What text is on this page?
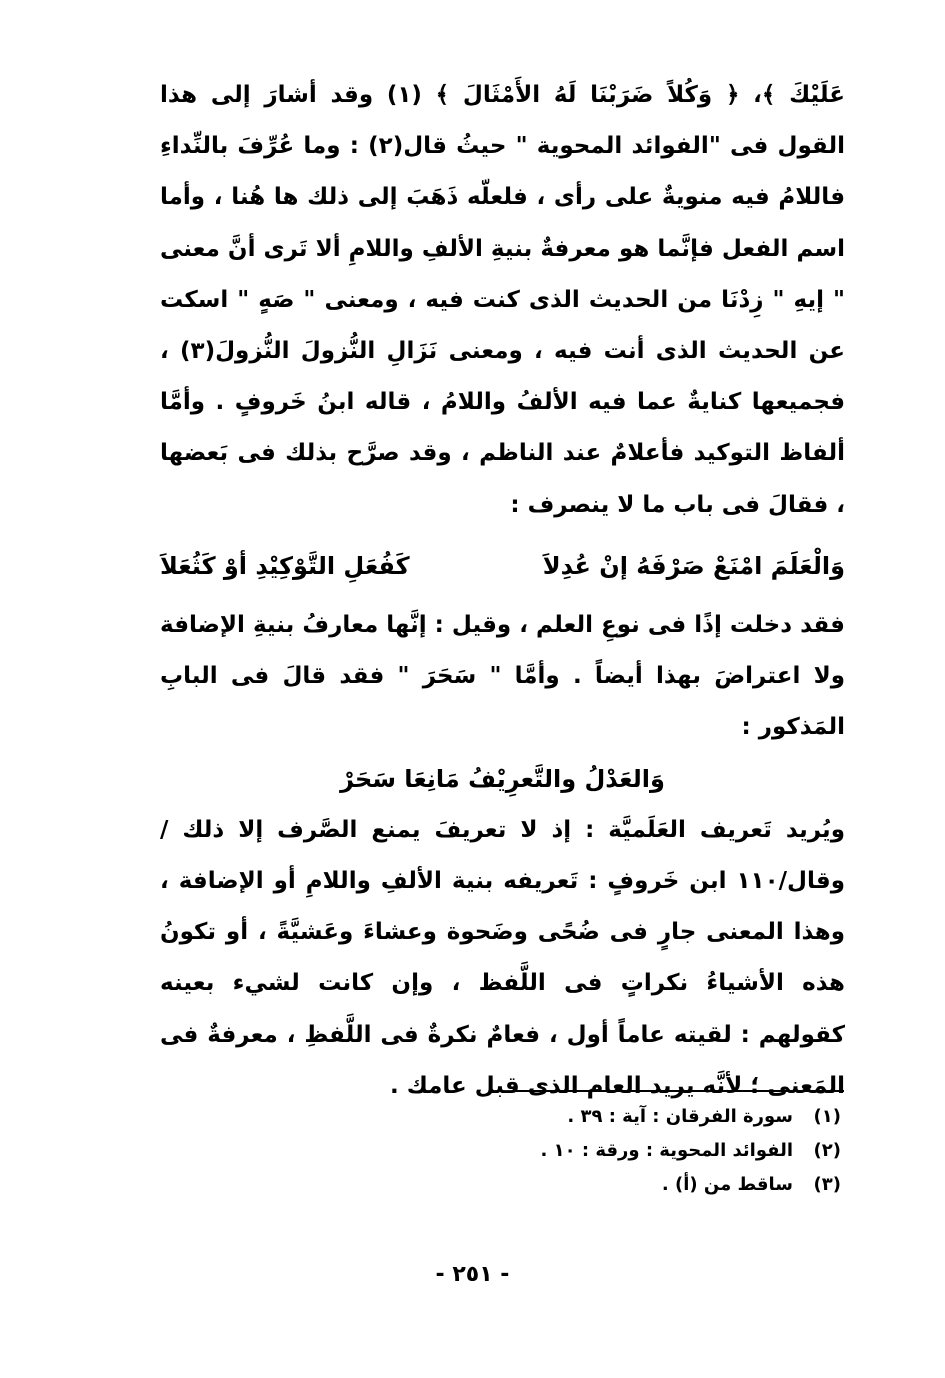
عَلَيْكَ ﴾، ﴿ وَكُلاً ضَرَبْنَا لَهُ الأَمْثَالَ ﴾ (١) وقد أشارَ إلى هذا القول فى "الفوائد المحوية " حيثُ قال(٢) : وما عُرِّفَ بالنِّداءِ فاللامُ فيه منويةٌ على رأى ، فلعلّه ذَهَبَ إلى ذلك ها هُنا ، وأما اسم الفعل فإنَّما هو معرفةٌ بنيةِ الألفِ واللامِ ألا تَرى أنَّ معنى " إيهِ " زِدْنَا من الحديث الذى كنت فيه ، ومعنى " صَهٍ " اسكت عن الحديث الذى أنت فيه ، ومعنى نَزَالِ النُّزولَ النُّزولَ(٣) ، فجميعها كنايةٌ عما فيه الألفُ واللامُ ، قاله ابنُ خَروفٍ . وأمَّا ألفاظ التوكيد فأعلامٌ عند الناظم ، وقد صرَّح بذلك فى بَعضها ، فقالَ فى باب ما لا ينصرف :

وَالْعَلَمَ امْنَعْ صَرْفَهُ إنْ عُدِلاَ
كَفُعَلِ التَّوْكِيْدِ أوْ كَثُعَلاَ

فقد دخلت إذًا فى نوعِ العلم ، وقيل : إنَّها معارفُ بنيةِ الإضافة ولا اعتراضَ بهذا أيضاً . وأمَّا " سَحَرَ " فقد قالَ فى البابِ المَذكور :

وَالعَدْلُ والتَّعرِيْفُ مَانِعَا سَحَرْ

ويُريد تَعريف العَلَميَّة : إذ لا تعريفَ يمنع الصَّرف إلا ذلك / وقال/١١٠ ابن خَروفٍ : تَعريفه بنية الألفِ واللامِ أو الإضافة ، وهذا المعنى جارٍ فى ضُحًى وضَحوة وعشاءَ وعَشيَّةً ، أو تكونُ هذه الأشياءُ نكراتٍ فى اللَّفظ ، وإن كانت لشيء بعينه كقولهم : لقيته عاماً أول ، فعامٌ نكرةٌ فى اللَّفظِ ، معرفةٌ فى المَعنى ؛ لأنَّه يريد العام الذى قبل عامك .

(١)
سورة الفرقان : آية : ٣٩ .
(٢)
الفوائد المحوية : ورقة : ١٠ .
(٣)
ساقط من (أ) .
- ٢٥١ -
